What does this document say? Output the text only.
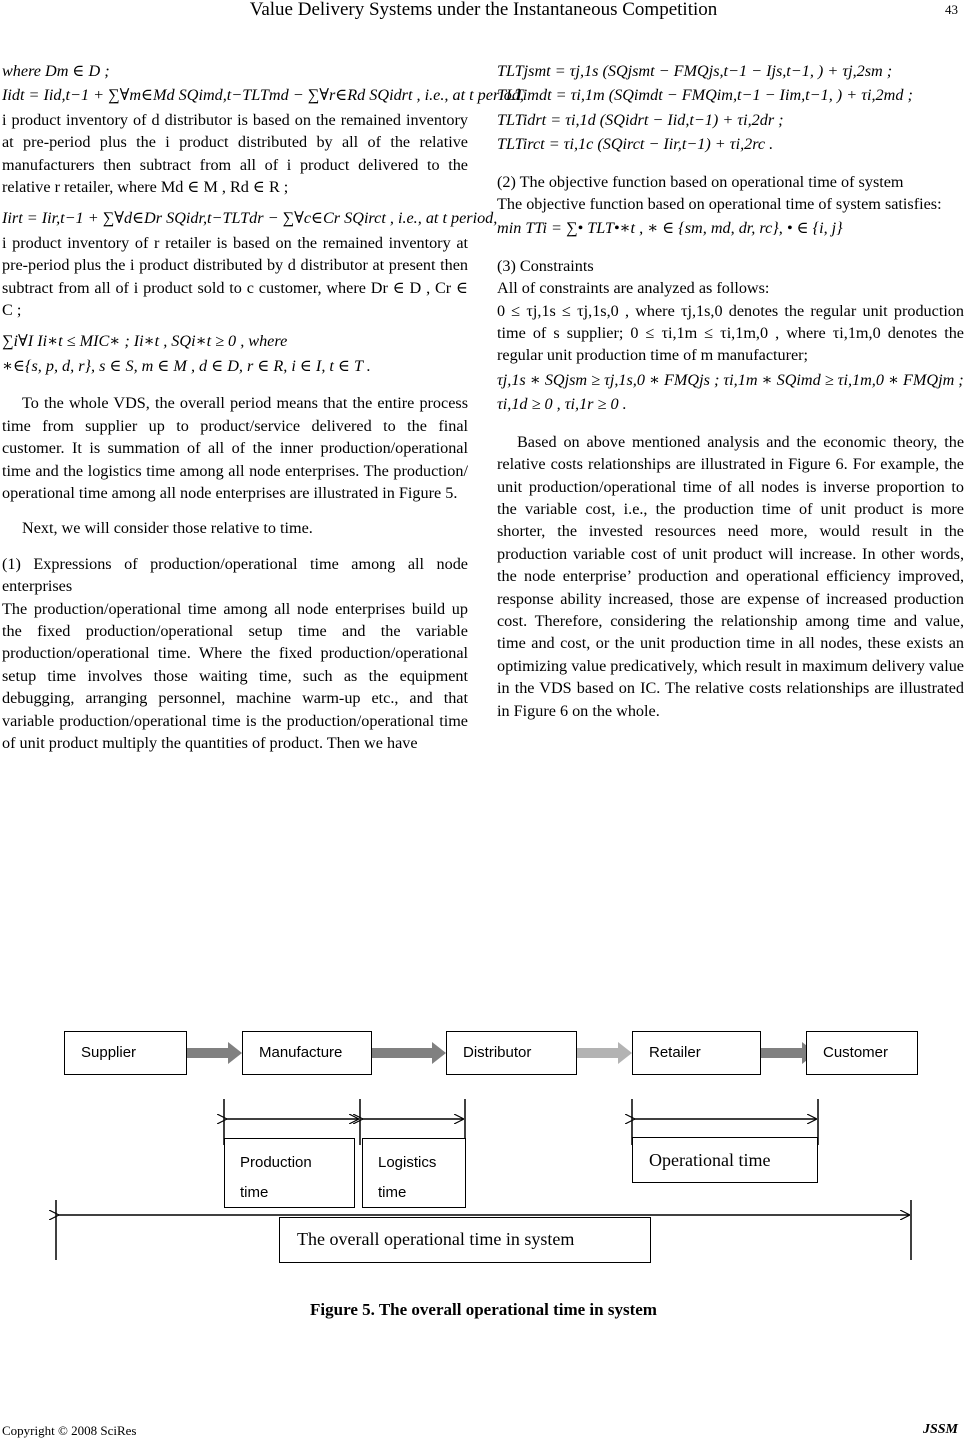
Value Delivery Systems under the Instantaneous Competition	43

where Dm ∈ D ;

Iidt = Iid,t−1 + ∑∀m∈Md SQimd,t−TLTmd − ∑∀r∈Rd SQidrt , i.e., at t period,

i product inventory of d distributor is based on the remained inventory at pre-period plus the i product distributed by all of the relative manufacturers then subtract from all of i product delivered to the relative r retailer, where Md ∈ M , Rd ∈ R ;

Iirt = Iir,t−1 + ∑∀d∈Dr SQidr,t−TLTdr − ∑∀c∈Cr SQirct , i.e., at t period,

i product inventory of r retailer is based on the remained inventory at pre-period plus the i product distributed by d distributor at present then subtract from all of i product sold to c customer, where Dr ∈ D , Cr ∈ C ;

∑i∀I Ii∗t ≤ MIC∗ ; Ii∗t , SQi∗t ≥ 0 , where

∗∈{s, p, d, r}, s ∈ S, m ∈ M , d ∈ D, r ∈ R, i ∈ I, t ∈ T .

To the whole VDS, the overall period means that the entire process time from supplier up to product/service delivered to the final customer. It is summation of all of the inner production/operational time and the logistics time among all node enterprises. The production/ operational time among all node enterprises are illustrated in Figure 5.

Next, we will consider those relative to time.

(1) Expressions of production/operational time among all node enterprises

The production/operational time among all node enterprises build up the fixed production/operational setup time and the variable production/operational time. Where the fixed production/operational setup time involves those waiting time, such as the equipment debugging, arranging personnel, machine warm-up etc., and that variable production/operational time is the production/operational time of unit product multiply the quantities of product. Then we have

TLTjsmt = τj,1s (SQjsmt − FMQjs,t−1 − Ijs,t−1, ) + τj,2sm ;

TLTimdt = τi,1m (SQimdt − FMQim,t−1 − Iim,t−1, ) + τi,2md ;

TLTidrt = τi,1d (SQidrt − Iid,t−1) + τi,2dr ;

TLTirct = τi,1c (SQirct − Iir,t−1) + τi,2rc .

(2) The objective function based on operational time of system

The objective function based on operational time of system satisfies:

min TTi = ∑• TLT•∗t , ∗ ∈ {sm, md, dr, rc}, • ∈ {i, j}

(3) Constraints

All of constraints are analyzed as follows:

0 ≤ τj,1s ≤ τj,1s,0 , where τj,1s,0 denotes the regular unit production time of s supplier; 0 ≤ τi,1m ≤ τi,1m,0 , where τi,1m,0 denotes the regular unit production time of m manufacturer;

τj,1s ∗ SQjsm ≥ τj,1s,0 ∗ FMQjs ; τi,1m ∗ SQimd ≥ τi,1m,0 ∗ FMQjm ;

τi,1d ≥ 0 , τi,1r ≥ 0 .

Based on above mentioned analysis and the economic theory, the relative costs relationships are illustrated in Figure 6. For example, the unit production/operational time of all nodes is inverse proportion to the variable cost, i.e., the production time of unit product is more shorter, the invested resources need more, would result in the production variable cost of unit product will increase. In other words, the node enterprise’ production and operational efficiency improved, response ability increased, those are expense of increased production cost. Therefore, considering the relationship among time and value, time and cost, or the unit production time in all nodes, these exists an optimizing value predicatively, which result in maximum delivery value in the VDS based on IC. The relative costs relationships are illustrated in Figure 6 on the whole.

Supplier	Manufacture	Distributor	Retailer	Customer
Production
time
Logistics
time
Operational time
The overall operational time in system
Figure 5. The overall operational time in system
Copyright © 2008 SciRes	JSSM
